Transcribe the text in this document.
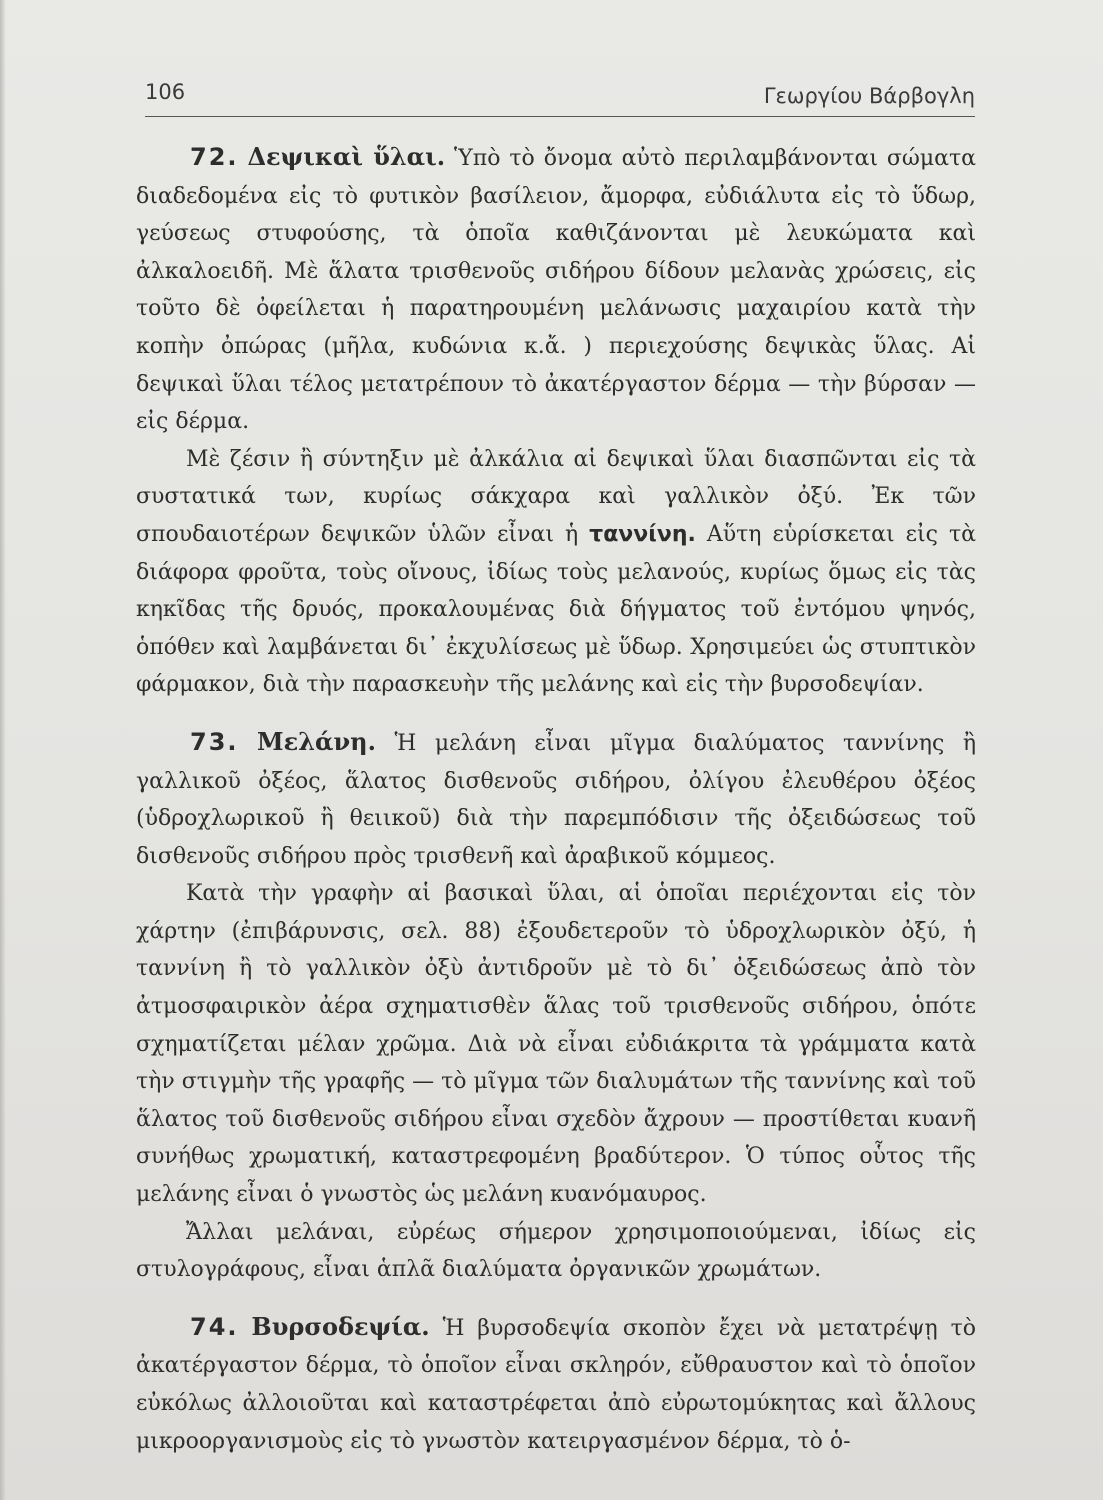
106	Γεωργίου Βάρβογλη

72. Δεψικαὶ ὕλαι. Ὑπὸ τὸ ὄνομα αὐτὸ περιλαμβάνονται σώματα διαδεδομένα εἰς τὸ φυτικὸν βασίλειον, ἄμορφα, εὐδιάλυτα εἰς τὸ ὕδωρ, γεύσεως στυφούσης, τὰ ὁποῖα καθιζάνονται μὲ λευκώματα καὶ ἀλκαλοειδῆ. Μὲ ἅλατα τρισθενοῦς σιδήρου δίδουν μελανὰς χρώσεις, εἰς τοῦτο δὲ ὀφείλεται ἡ παρατηρουμένη μελάνωσις μαχαιρίου κατὰ τὴν κοπὴν ὀπώρας (μῆλα, κυδώνια κ.ἄ. ) περιεχούσης δεψικὰς ὕλας. Αἱ δεψικαὶ ὕλαι τέλος μετατρέπουν τὸ ἀκατέργαστον δέρμα — τὴν βύρσαν — εἰς δέρμα.

Μὲ ζέσιν ἢ σύντηξιν μὲ ἀλκάλια αἱ δεψικαὶ ὕλαι διασπῶνται εἰς τὰ συστατικά των, κυρίως σάκχαρα καὶ γαλλικὸν ὀξύ. Ἐκ τῶν σπουδαιοτέρων δεψικῶν ὑλῶν εἶναι ἡ ταννίνη. Αὕτη εὑρίσκεται εἰς τὰ διάφορα φροῦτα, τοὺς οἴνους, ἰδίως τοὺς μελανούς, κυρίως ὅμως εἰς τὰς κηκῖδας τῆς δρυός, προκαλουμένας διὰ δήγματος τοῦ ἐντόμου ψηνός, ὁπόθεν καὶ λαμβάνεται δι᾽ ἐκχυλίσεως μὲ ὕδωρ. Χρησιμεύει ὡς στυπτικὸν φάρμακον, διὰ τὴν παρασκευὴν τῆς μελάνης καὶ εἰς τὴν βυρσοδεψίαν.

73. Μελάνη. Ἡ μελάνη εἶναι μῖγμα διαλύματος ταννίνης ἢ γαλλικοῦ ὀξέος, ἅλατος δισθενοῦς σιδήρου, ὀλίγου ἐλευθέρου ὀξέος (ὑδροχλωρικοῦ ἢ θειικοῦ) διὰ τὴν παρεμπόδισιν τῆς ὀξειδώσεως τοῦ δισθενοῦς σιδήρου πρὸς τρισθενῆ καὶ ἀραβικοῦ κόμμεος.

Κατὰ τὴν γραφὴν αἱ βασικαὶ ὕλαι, αἱ ὁποῖαι περιέχονται εἰς τὸν χάρτην (ἐπιβάρυνσις, σελ. 88) ἐξουδετεροῦν τὸ ὑδροχλωρικὸν ὀξύ, ἡ ταννίνη ἢ τὸ γαλλικὸν ὀξὺ ἀντιδροῦν μὲ τὸ δι᾽ ὀξειδώσεως ἀπὸ τὸν ἀτμοσφαιρικὸν ἀέρα σχηματισθὲν ἅλας τοῦ τρισθενοῦς σιδήρου, ὁπότε σχηματίζεται μέλαν χρῶμα. Διὰ νὰ εἶναι εὐδιάκριτα τὰ γράμματα κατὰ τὴν στιγμὴν τῆς γραφῆς — τὸ μῖγμα τῶν διαλυμάτων τῆς ταννίνης καὶ τοῦ ἅλατος τοῦ δισθενοῦς σιδήρου εἶναι σχεδὸν ἄχρουν — προστίθεται κυανῆ συνήθως χρωματική, καταστρεφομένη βραδύτερον. Ὁ τύπος οὗτος τῆς μελάνης εἶναι ὁ γνωστὸς ὡς μελάνη κυανόμαυρος.

Ἄλλαι μελάναι, εὐρέως σήμερον χρησιμοποιούμεναι, ἰδίως εἰς στυλογράφους, εἶναι ἁπλᾶ διαλύματα ὀργανικῶν χρωμάτων.

74. Βυρσοδεψία. Ἡ βυρσοδεψία σκοπὸν ἔχει νὰ μετατρέψῃ τὸ ἀκατέργαστον δέρμα, τὸ ὁποῖον εἶναι σκληρόν, εὔθραυστον καὶ τὸ ὁποῖον εὐκόλως ἀλλοιοῦται καὶ καταστρέφεται ἀπὸ εὐρωτομύκητας καὶ ἄλλους μικροοργανισμοὺς εἰς τὸ γνωστὸν κατειργασμένον δέρμα, τὸ ὁ-
